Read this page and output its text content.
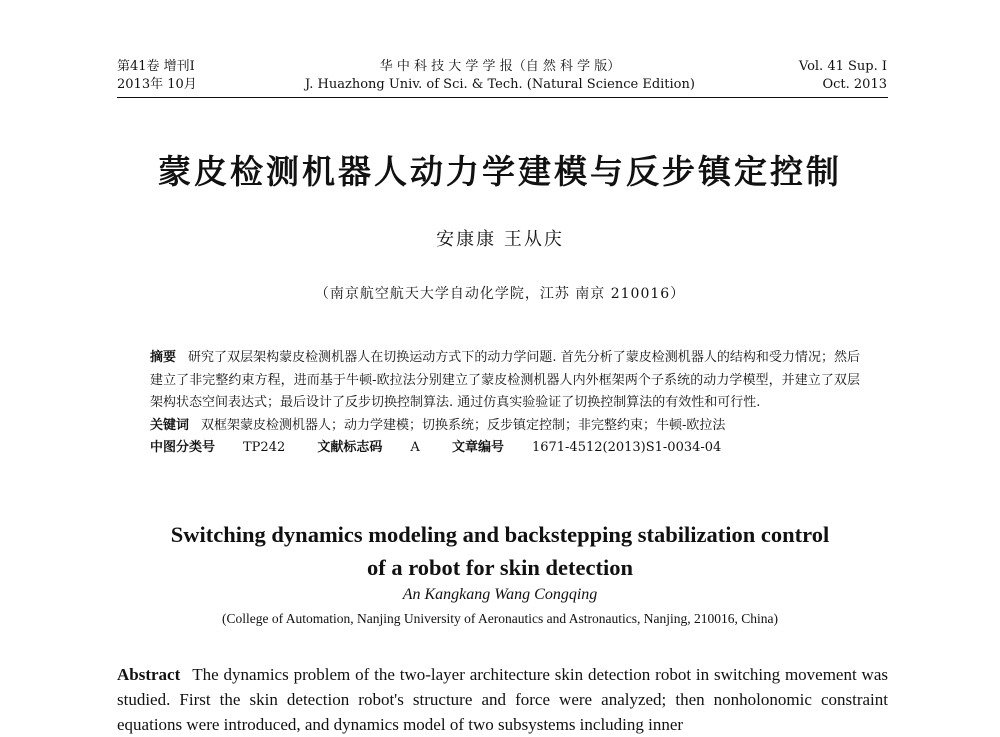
第41卷 增刊Ⅰ
2013年 10月
华 中 科 技 大 学 学 报（自 然 科 学 版）
J. Huazhong Univ. of Sci. & Tech. (Natural Science Edition)
Vol. 41 Sup. Ⅰ
Oct. 2013
蒙皮检测机器人动力学建模与反步镇定控制
安康康 王从庆
（南京航空航天大学自动化学院，江苏 南京 210016）

摘要 研究了双层架构蒙皮检测机器人在切换运动方式下的动力学问题. 首先分析了蒙皮检测机器人的结构和受力情况；然后建立了非完整约束方程，进而基于牛顿-欧拉法分别建立了蒙皮检测机器人内外框架两个子系统的动力学模型，并建立了双层架构状态空间表达式；最后设计了反步切换控制算法. 通过仿真实验验证了切换控制算法的有效性和可行性.

关键词 双框架蒙皮检测机器人；动力学建模；切换系统；反步镇定控制；非完整约束；牛顿-欧拉法

中图分类号 TP242 文献标志码 A 文章编号 1671-4512(2013)S1-0034-04

Switching dynamics modeling and backstepping stabilization control
of a robot for skin detection
An Kangkang Wang Congqing
(College of Automation, Nanjing University of Aeronautics and Astronautics, Nanjing, 210016, China)
Abstract The dynamics problem of the two-layer architecture skin detection robot in switching movement was studied. First the skin detection robot's structure and force were analyzed; then nonholonomic constraint equations were introduced, and dynamics model of two subsystems including inner
